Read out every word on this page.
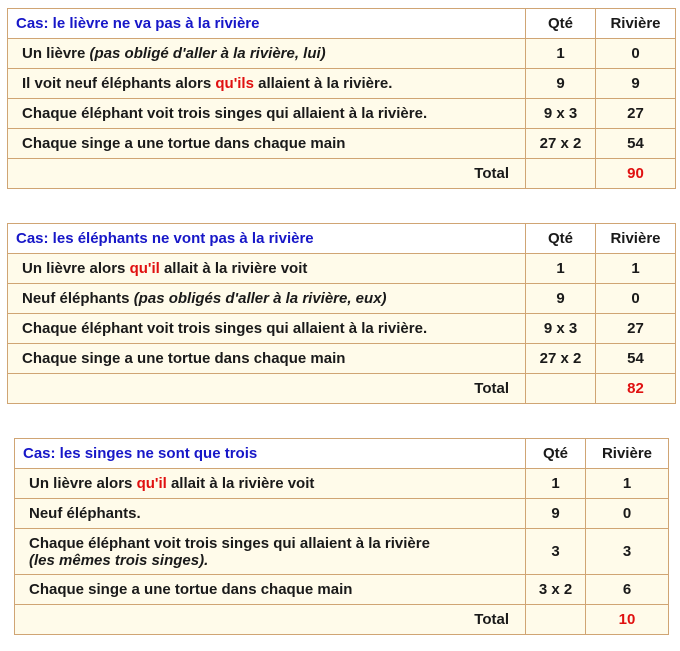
Cas: le lièvre ne va pas à la rivière	Qté	Rivière
Un lièvre (pas obligé d'aller à la rivière, lui)	1	0
Il voit neuf éléphants alors qu'ils allaient à la rivière.	9	9
Chaque éléphant voit trois singes qui allaient à la rivière.	9 x 3	27
Chaque singe a une tortue dans chaque main	27 x 2	54
Total		90
Cas: les éléphants ne vont pas à la rivière	Qté	Rivière
Un lièvre alors qu'il allait à la rivière voit	1	1
Neuf éléphants (pas obligés d'aller à la rivière, eux)	9	0
Chaque éléphant voit trois singes qui allaient à la rivière.	9 x 3	27
Chaque singe a une tortue dans chaque main	27 x 2	54
Total		82
Cas: les singes ne sont que trois	Qté	Rivière
Un lièvre alors qu'il allait à la rivière voit	1	1
Neuf éléphants.	9	0
Chaque éléphant voit trois singes qui allaient à la rivière
(les mêmes trois singes).	3	3
Chaque singe a une tortue dans chaque main	3 x 2	6
Total		10
